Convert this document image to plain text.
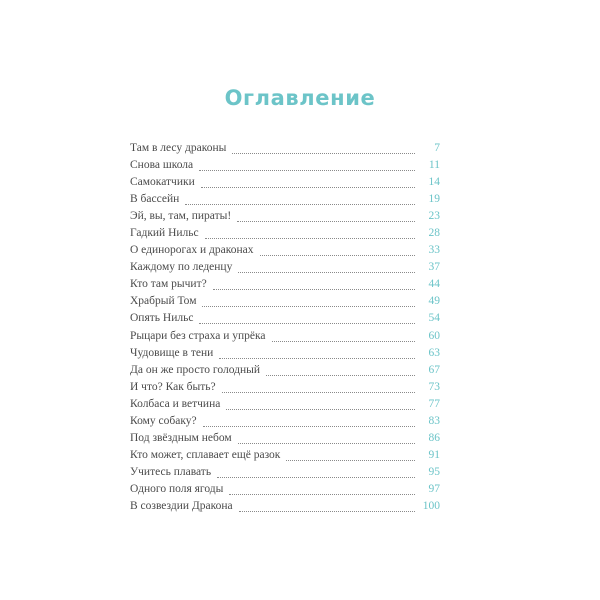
Оглавление
Там в лесу драконы	7
Снова школа	11
Самокатчики	14
В бассейн	19
Эй, вы, там, пираты!	23
Гадкий Нильс	28
О единорогах и драконах	33
Каждому по леденцу	37
Кто там рычит?	44
Храбрый Том	49
Опять Нильс	54
Рыцари без страха и упрёка	60
Чудовище в тени	63
Да он же просто голодный	67
И что? Как быть?	73
Колбаса и ветчина	77
Кому собаку?	83
Под звёздным небом	86
Кто может, сплавает ещё разок	91
Учитесь плавать	95
Одного поля ягоды	97
В созвездии Дракона	100
